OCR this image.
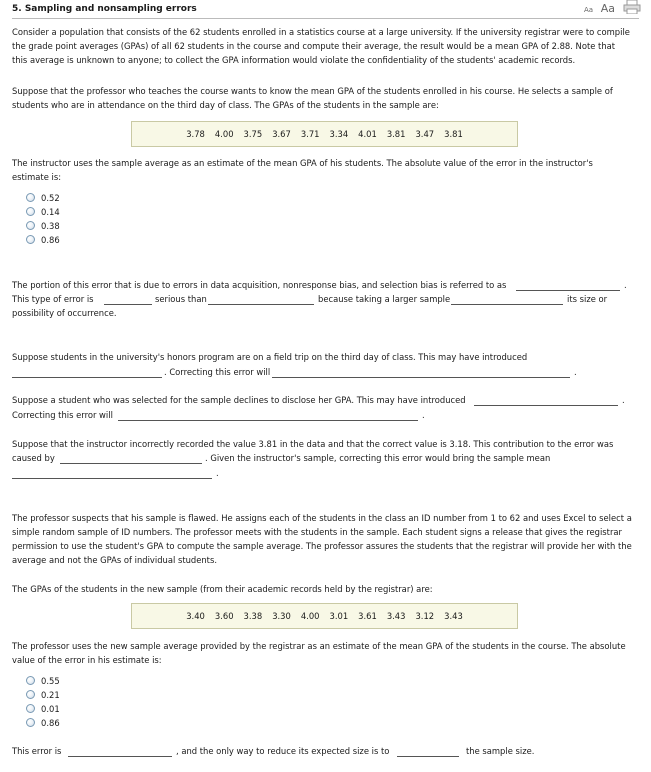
5. Sampling and nonsampling errors	Aa Aa
Consider a population that consists of the 62 students enrolled in a statistics course at a large university. If the university registrar were to compile the grade point averages (GPAs) of all 62 students in the course and compute their average, the result would be a mean GPA of 2.88. Note that this average is unknown to anyone; to collect the GPA information would violate the confidentiality of the students' academic records.
Suppose that the professor who teaches the course wants to know the mean GPA of the students enrolled in his course. He selects a sample of students who are in attendance on the third day of class. The GPAs of the students in the sample are:
3.78 4.00 3.75 3.67 3.71 3.34 4.01 3.81 3.47 3.81
The instructor uses the sample average as an estimate of the mean GPA of his students. The absolute value of the error in the instructor's estimate is:
0.52
0.14
0.38
0.86
The portion of this error that is due to errors in data acquisition, nonresponse bias, and selection bias is referred to as	.
This type of error is	serious than	because taking a larger sample	its size or
possibility of occurrence.
Suppose students in the university's honors program are on a field trip on the third day of class. This may have introduced
. Correcting this error will	.
Suppose a student who was selected for the sample declines to disclose her GPA. This may have introduced	.
Correcting this error will	.
Suppose that the instructor incorrectly recorded the value 3.81 in the data and that the correct value is 3.18. This contribution to the error was
caused by	. Given the instructor's sample, correcting this error would bring the sample mean
.
The professor suspects that his sample is flawed. He assigns each of the students in the class an ID number from 1 to 62 and uses Excel to select a simple random sample of ID numbers. The professor meets with the students in the sample. Each student signs a release that gives the registrar permission to use the student's GPA to compute the sample average. The professor assures the students that the registrar will provide her with the average and not the GPAs of individual students.
The GPAs of the students in the new sample (from their academic records held by the registrar) are:
3.40 3.60 3.38 3.30 4.00 3.01 3.61 3.43 3.12 3.43
The professor uses the new sample average provided by the registrar as an estimate of the mean GPA of the students in the course. The absolute value of the error in his estimate is:
0.55
0.21
0.01
0.86
This error is	, and the only way to reduce its expected size is to	the sample size.
